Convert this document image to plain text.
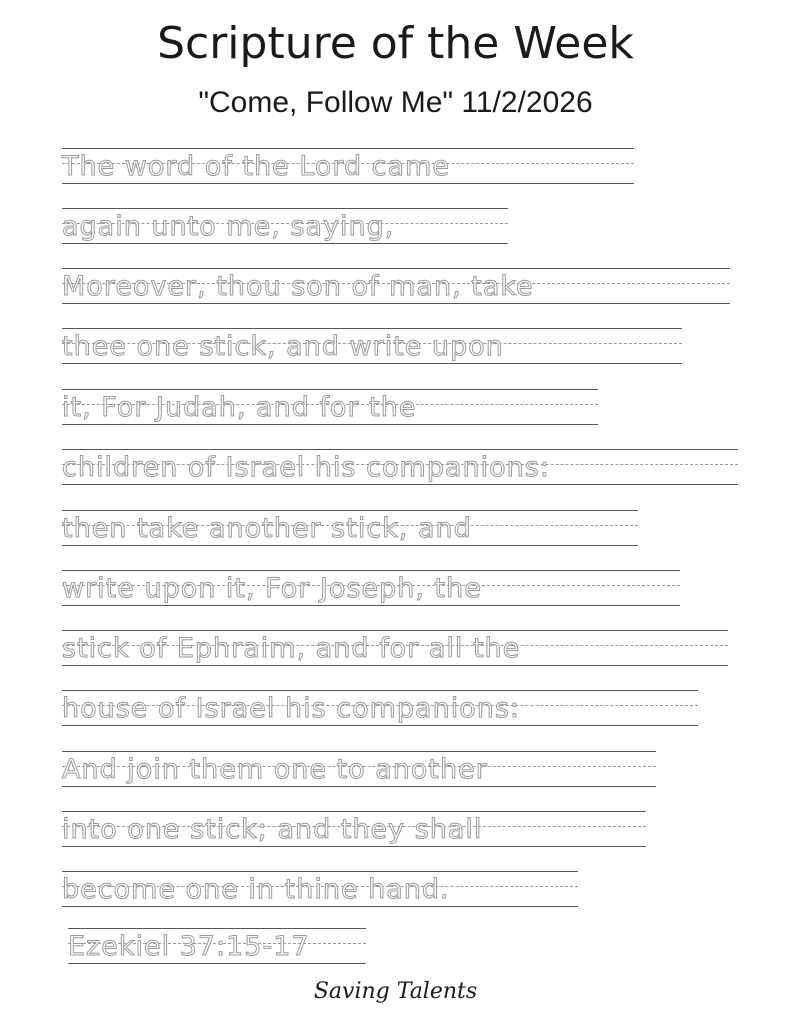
Scripture of the Week
"Come, Follow Me" 11/2/2026
The word of the Lord came
again unto me, saying,
Moreover, thou son of man, take
thee one stick, and write upon
it, For Judah, and for the
children of Israel his companions:
then take another stick, and
write upon it, For Joseph, the
stick of Ephraim, and for all the
house of Israel his companions:
And join them one to another
into one stick; and they shall
become one in thine hand.
Ezekiel 37:15-17
Saving Talents
